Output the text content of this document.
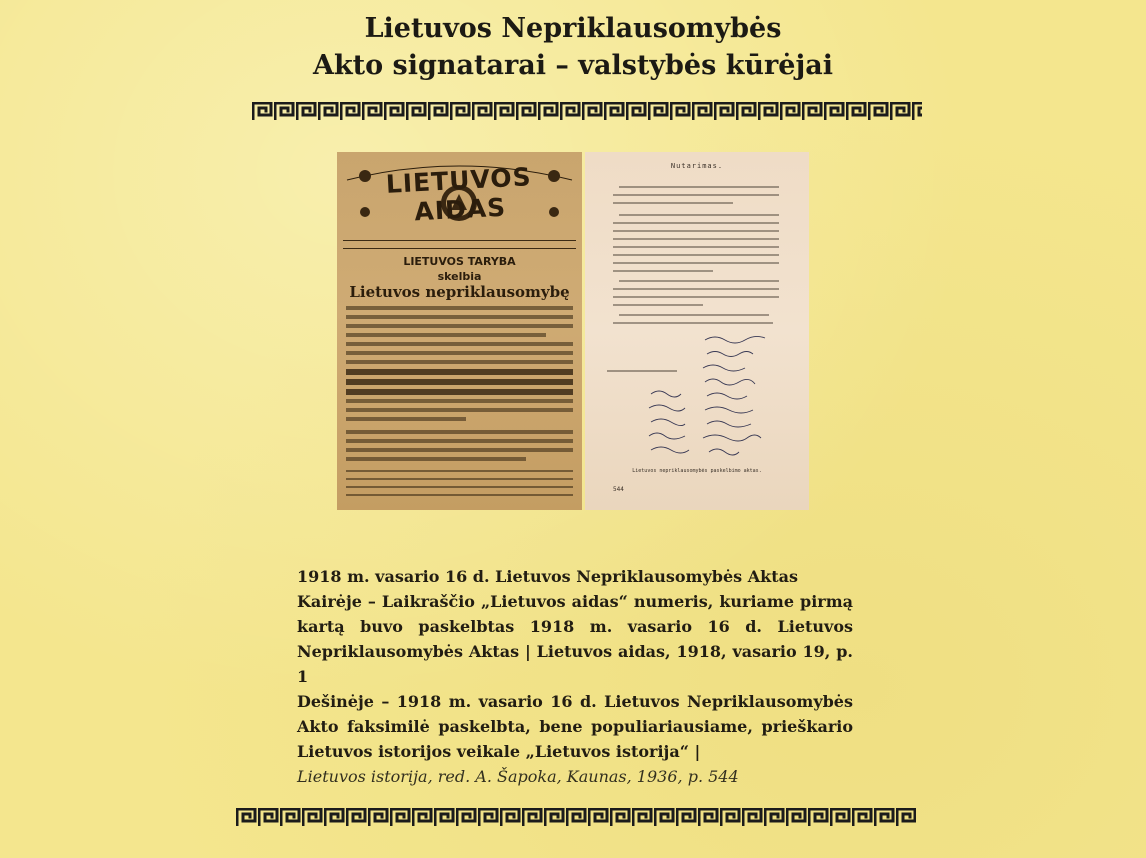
Lietuvos Nepriklausomybės
Akto signatarai – valstybės kūrėjai
LIETUVOS AIDAS
LIETUVOS TARYBA
skelbia
Lietuvos nepriklausomybę
Nutarimas.
Lietuvos nepriklausomybės paskelbimo aktas.
544

1918 m. vasario 16 d. Lietuvos Nepriklausomybės Aktas

Kairėje – Laikraščio „Lietuvos aidas“ numeris, kuriame pirmą kartą buvo paskelbtas 1918 m. vasario 16 d. Lietuvos Nepriklausomybės Aktas | Lietuvos aidas, 1918, vasario 19, p. 1

Dešinėje – 1918 m. vasario 16 d. Lietuvos Nepriklausomybės Akto faksimilė paskelbta, bene populiariausiame, prieškario Lietuvos istorijos veikale „Lietuvos istorija“ |

Lietuvos istorija, red. A. Šapoka, Kaunas, 1936, p. 544
